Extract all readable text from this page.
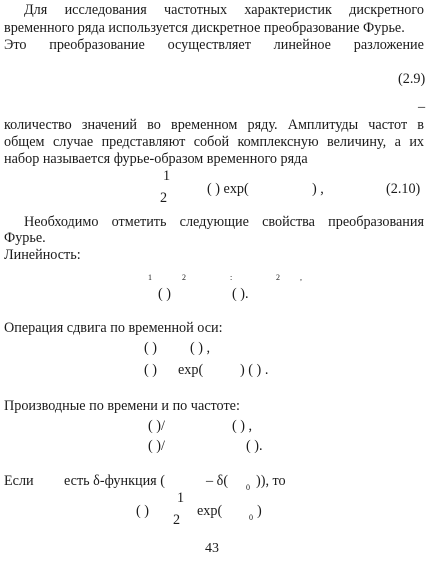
Для исследования частотных характеристик дискретного
временного ряда используется дискретное преобразование Фурье.
Это преобразование осуществляет линейное разложение
(2.9)
–
количество значений во временном ряду. Амплитуды частот в
общем случае представляют собой комплексную величину, а их
набор называется фурье-образом временного ряда
1
2
( ) exp(	) ,	(2.10)
Необходимо отметить следующие свойства преобразования
Фурье.
Линейность:
1	2	:	2	,
( )	( ).
Операция сдвига по временной оси:
( ) ( ) ,
( ) exp(	) ( ) .
Производные по времени и по частоте:
( )/	( ) ,
( )/	( ).
Если есть δ-функция (	– δ( 0 )), то
( )
1
2
exp(	0 )
43
